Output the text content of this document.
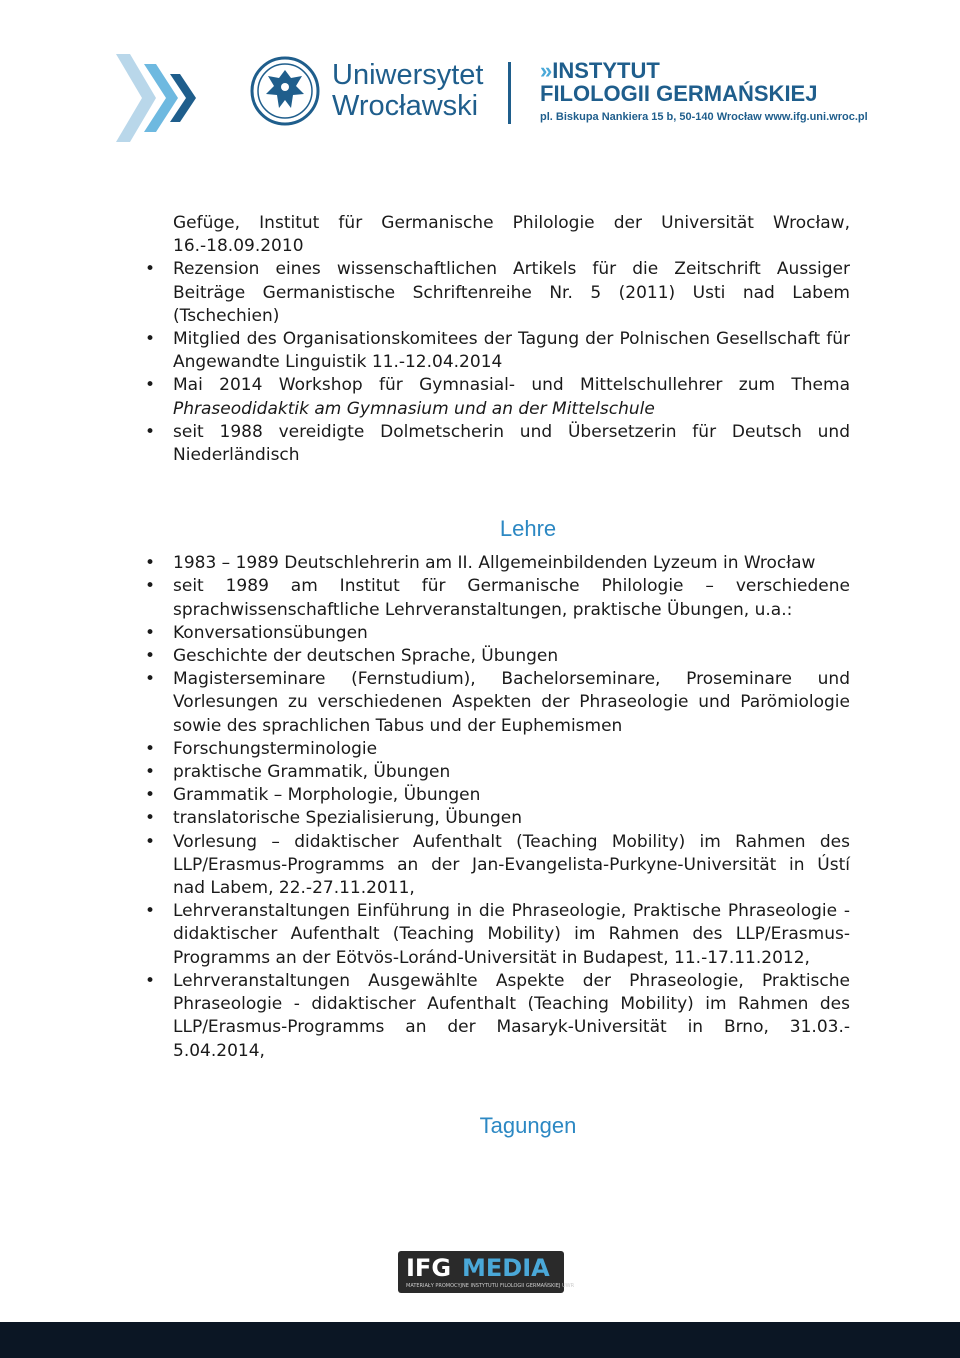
Uniwersytet
Wrocławski
»INSTYTUT
FILOLOGII GERMAŃSKIEJ
pl. Biskupa Nankiera 15 b, 50-140 Wrocław www.ifg.uni.wroc.pl
Gefüge, Institut für Germanische Philologie der Universität Wrocław, 16.-18.09.2010
• Rezension eines wissenschaftlichen Artikels für die Zeitschrift Aussiger Beiträge Germanistische Schriftenreihe Nr. 5 (2011) Usti nad Labem (Tschechien)
• Mitglied des Organisationskomitees der Tagung der Polnischen Gesellschaft für Angewandte Linguistik 11.-12.04.2014
• Mai 2014 Workshop für Gymnasial- und Mittelschullehrer zum Thema Phraseodidaktik am Gymnasium und an der Mittelschule
• seit 1988 vereidigte Dolmetscherin und Übersetzerin für Deutsch und Niederländisch
Lehre
• 1983 – 1989 Deutschlehrerin am II. Allgemeinbildenden Lyzeum in Wrocław
• seit 1989 am Institut für Germanische Philologie – verschiedene sprachwissenschaftliche Lehrveranstaltungen, praktische Übungen, u.a.:
• Konversationsübungen
• Geschichte der deutschen Sprache, Übungen
• Magisterseminare (Fernstudium), Bachelorseminare, Proseminare und Vorlesungen zu verschiedenen Aspekten der Phraseologie und Parömiologie sowie des sprachlichen Tabus und der Euphemismen
• Forschungsterminologie
• praktische Grammatik, Übungen
• Grammatik – Morphologie, Übungen
• translatorische Spezialisierung, Übungen
• Vorlesung – didaktischer Aufenthalt (Teaching Mobility) im Rahmen des LLP/Erasmus-Programms an der Jan-Evangelista-Purkyne-Universität in Ústí nad Labem, 22.-27.11.2011,
• Lehrveranstaltungen Einführung in die Phraseologie, Praktische Phraseologie - didaktischer Aufenthalt (Teaching Mobility) im Rahmen des LLP/Erasmus-Programms an der Eötvös-Loránd-Universität in Budapest, 11.-17.11.2012,
• Lehrveranstaltungen Ausgewählte Aspekte der Phraseologie, Praktische Phraseologie - didaktischer Aufenthalt (Teaching Mobility) im Rahmen des LLP/Erasmus-Programms an der Masaryk-Universität in Brno, 31.03.- 5.04.2014,
Tagungen
IFG MEDIA
MATERIAŁY PROMOCYJNE INSTYTUTU FILOLOGII GERMAŃSKIEJ UWR
